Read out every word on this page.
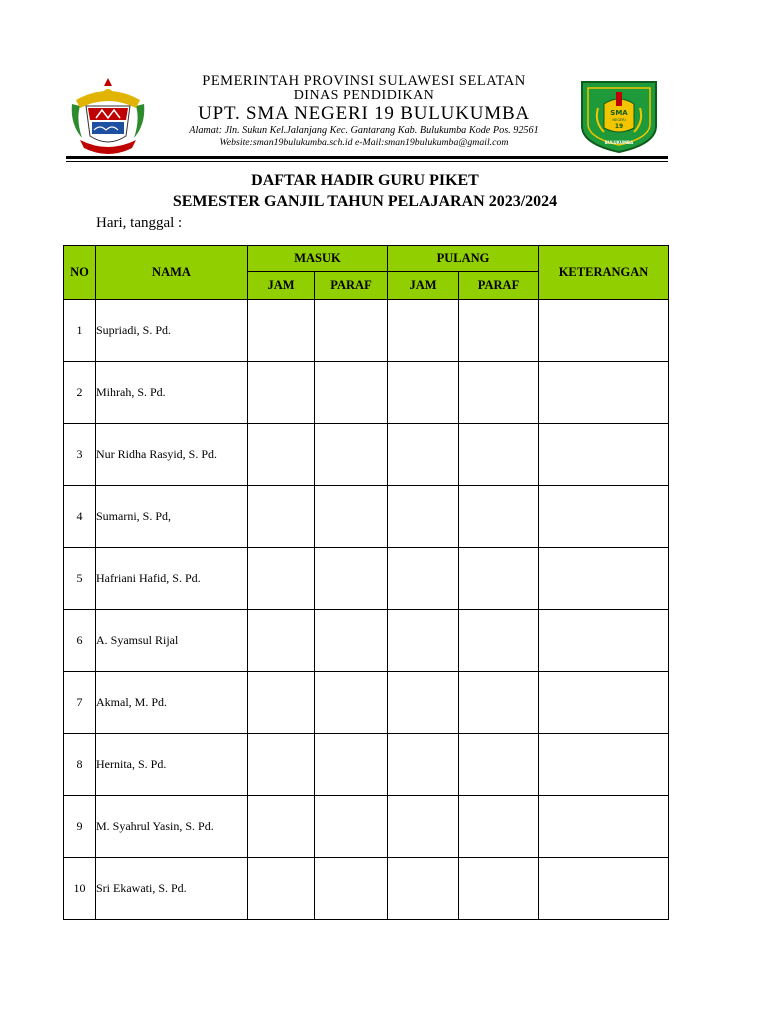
PEMERINTAH PROVINSI SULAWESI SELATAN
DINAS PENDIDIKAN
UPT. SMA NEGERI 19 BULUKUMBA
Alamat: Jln. Sukun Kel.Jalanjang Kec. Gantarang Kab. Bulukumba Kode Pos. 92561
Website:sman19bulukumba.sch.id e-Mail:sman19bulukumba@gmail.com
SMA
NEGERI
19
BULUKUMBA
DAFTAR HADIR GURU PIKET
SEMESTER GANJIL TAHUN PELAJARAN 2023/2024
Hari, tanggal :
NO	NAMA	MASUK		PULANG		KETERANGAN
		JAM	PARAF	JAM	PARAF	
1	Supriadi, S. Pd.					
2	Mihrah, S. Pd.					
3	Nur Ridha Rasyid, S. Pd.					
4	Sumarni, S. Pd,					
5	Hafriani Hafid, S. Pd.					
6	A. Syamsul Rijal					
7	Akmal, M. Pd.					
8	Hernita, S. Pd.					
9	M. Syahrul Yasin, S. Pd.					
10	Sri Ekawati, S. Pd.					
